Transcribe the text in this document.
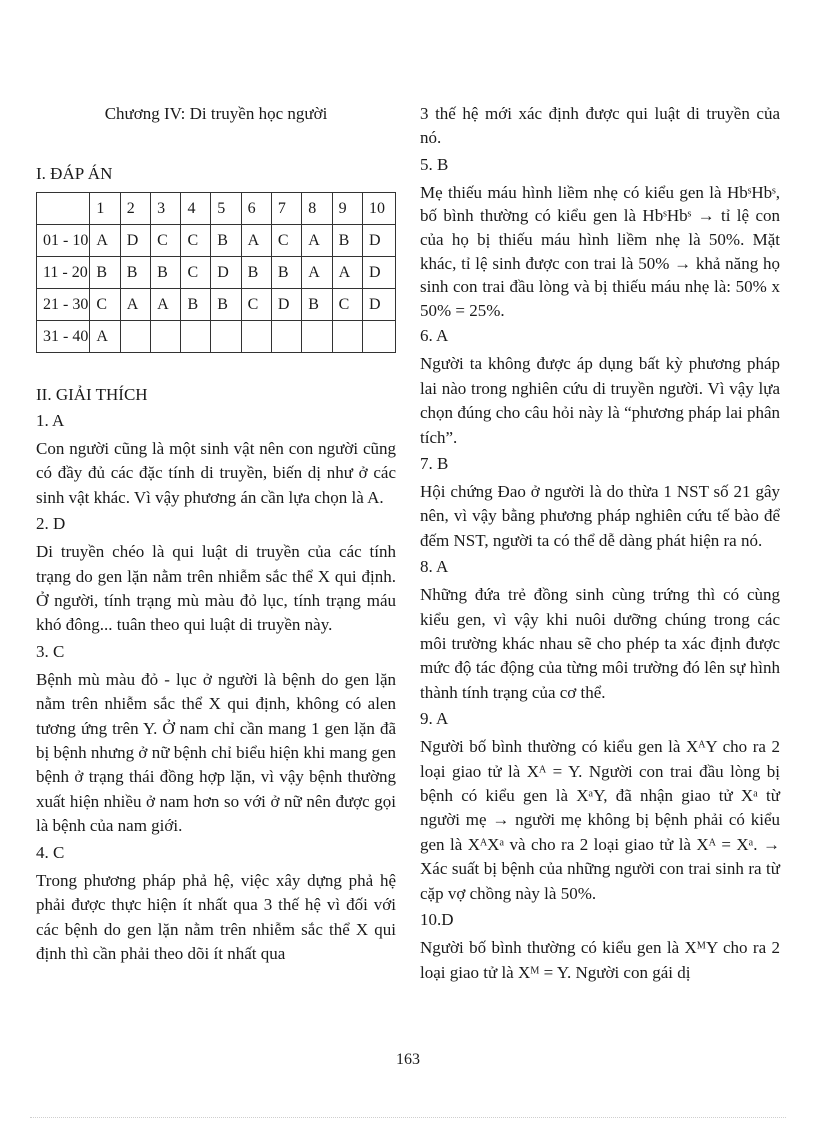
Chương IV: Di truyền học người
I. ĐÁP ÁN
	1	2	3	4	5	6	7	8	9	10
01 - 10	A	D	C	C	B	A	C	A	B	D
11 - 20	B	B	B	C	D	B	B	A	A	D
21 - 30	C	A	A	B	B	C	D	B	C	D
31 - 40	A									
II. GIẢI THÍCH
1. A
Con người cũng là một sinh vật nên con người cũng có đầy đủ các đặc tính di truyền, biến dị như ở các sinh vật khác. Vì vậy phương án cần lựa chọn là A.
2. D
Di truyền chéo là qui luật di truyền của các tính trạng do gen lặn nằm trên nhiễm sắc thể X qui định. Ở người, tính trạng mù màu đỏ lục, tính trạng máu khó đông... tuân theo qui luật di truyền này.
3. C
Bệnh mù màu đỏ - lục ở người là bệnh do gen lặn nằm trên nhiễm sắc thể X qui định, không có alen tương ứng trên Y. Ở nam chỉ cần mang 1 gen lặn đã bị bệnh nhưng ở nữ bệnh chỉ biểu hiện khi mang gen bệnh ở trạng thái đồng hợp lặn, vì vậy bệnh thường xuất hiện nhiều ở nam hơn so với ở nữ nên được gọi là bệnh của nam giới.
4. C
Trong phương pháp phả hệ, việc xây dựng phả hệ phải được thực hiện ít nhất qua 3 thế hệ vì đối với các bệnh do gen lặn nằm trên nhiễm sắc thể X qui định thì cần phải theo dõi ít nhất qua
3 thế hệ mới xác định được qui luật di truyền của nó.
5. B
Mẹ thiếu máu hình liềm nhẹ có kiểu gen là HbˢHbˢ, bố bình thường có kiểu gen là HbˢHbˢ → tỉ lệ con của họ bị thiếu máu hình liềm nhẹ là 50%. Mặt khác, tỉ lệ sinh được con trai là 50% → khả năng họ sinh con trai đầu lòng và bị thiếu máu nhẹ là: 50% x 50% = 25%.
6. A
Người ta không được áp dụng bất kỳ phương pháp lai nào trong nghiên cứu di truyền người. Vì vậy lựa chọn đúng cho câu hỏi này là “phương pháp lai phân tích”.
7. B
Hội chứng Đao ở người là do thừa 1 NST số 21 gây nên, vì vậy bằng phương pháp nghiên cứu tế bào để đếm NST, người ta có thể dễ dàng phát hiện ra nó.
8. A
Những đứa trẻ đồng sinh cùng trứng thì có cùng kiểu gen, vì vậy khi nuôi dưỡng chúng trong các môi trường khác nhau sẽ cho phép ta xác định được mức độ tác động của từng môi trường đó lên sự hình thành tính trạng của cơ thể.
9. A
Người bố bình thường có kiểu gen là XᴬY cho ra 2 loại giao tử là Xᴬ = Y. Người con trai đầu lòng bị bệnh có kiểu gen là XᵃY, đã nhận giao tử Xᵃ từ người mẹ → người mẹ không bị bệnh phải có kiểu gen là XᴬXᵃ và cho ra 2 loại giao tử là Xᴬ = Xᵃ. → Xác suất bị bệnh của những người con trai sinh ra từ cặp vợ chồng này là 50%.
10.D
Người bố bình thường có kiểu gen là XᴹY cho ra 2 loại giao tử là Xᴹ = Y. Người con gái dị
163
